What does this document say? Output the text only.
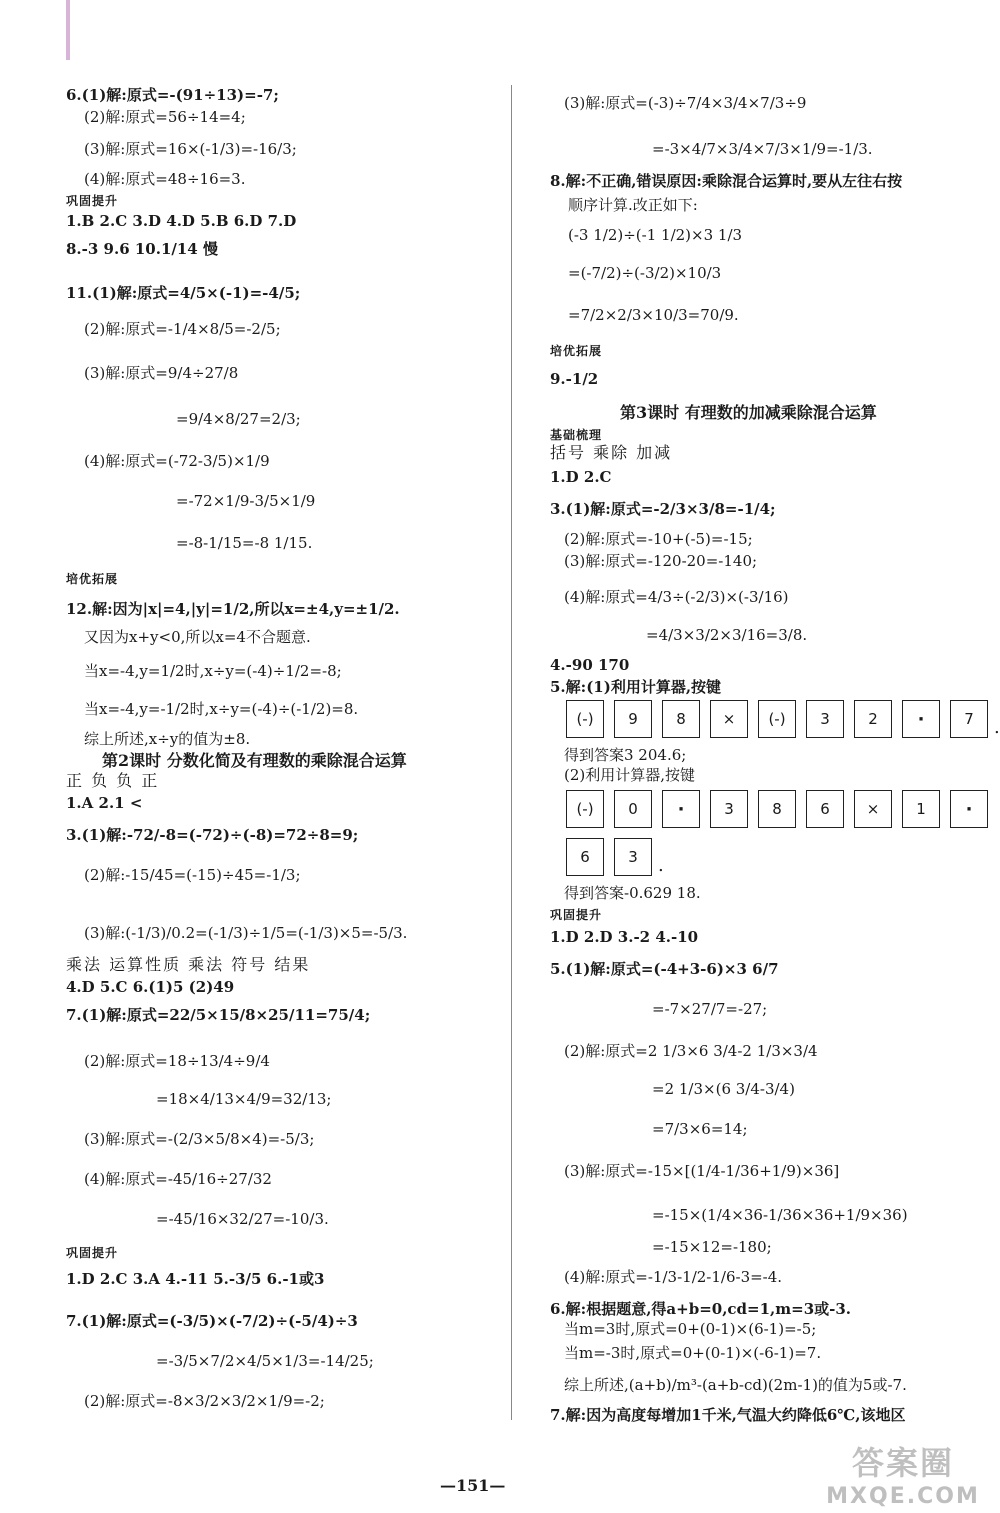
6.(1)解:原式=-(91÷13)=-7;
(2)解:原式=56÷14=4;
(3)解:原式=16×(-1/3)=-16/3;
(4)解:原式=48÷16=3.
巩固提升
1.B 2.C 3.D 4.D 5.B 6.D 7.D
8.-3 9.6 10.1/14 慢
11.(1)解:原式=4/5×(-1)=-4/5;
(2)解:原式=-1/4×8/5=-2/5;
(3)解:原式=9/4÷27/8
=9/4×8/27=2/3;
(4)解:原式=(-72-3/5)×1/9
=-72×1/9-3/5×1/9
=-8-1/15=-8 1/15.
培优拓展
12.解:因为|x|=4,|y|=1/2,所以x=±4,y=±1/2.
又因为x+y<0,所以x=4不合题意.
当x=-4,y=1/2时,x÷y=(-4)÷1/2=-8;
当x=-4,y=-1/2时,x÷y=(-4)÷(-1/2)=8.
综上所述,x÷y的值为±8.
第2课时 分数化简及有理数的乘除混合运算
正 负 负 正
1.A 2.1 <
3.(1)解:-72/-8=(-72)÷(-8)=72÷8=9;
(2)解:-15/45=(-15)÷45=-1/3;
(3)解:(-1/3)/0.2=(-1/3)÷1/5=(-1/3)×5=-5/3.
乘法 运算性质 乘法 符号 结果
4.D 5.C 6.(1)5 (2)49
7.(1)解:原式=22/5×15/8×25/11=75/4;
(2)解:原式=18÷13/4÷9/4
=18×4/13×4/9=32/13;
(3)解:原式=-(2/3×5/8×4)=-5/3;
(4)解:原式=-45/16÷27/32
=-45/16×32/27=-10/3.
巩固提升
1.D 2.C 3.A 4.-11 5.-3/5 6.-1或3
7.(1)解:原式=(-3/5)×(-7/2)÷(-5/4)÷3
=-3/5×7/2×4/5×1/3=-14/25;
(2)解:原式=-8×3/2×3/2×1/9=-2;
(3)解:原式=(-3)÷7/4×3/4×7/3÷9
=-3×4/7×3/4×7/3×1/9=-1/3.
8.解:不正确,错误原因:乘除混合运算时,要从左往右按
顺序计算.改正如下:
(-3 1/2)÷(-1 1/2)×3 1/3
=(-7/2)÷(-3/2)×10/3
=7/2×2/3×10/3=70/9.
培优拓展
9.-1/2
第3课时 有理数的加减乘除混合运算
基础梳理
括号 乘除 加减
1.D 2.C
3.(1)解:原式=-2/3×3/8=-1/4;
(2)解:原式=-10+(-5)=-15;
(3)解:原式=-120-20=-140;
(4)解:原式=4/3÷(-2/3)×(-3/16)
=4/3×3/2×3/16=3/8.
4.-90 170
5.解:(1)利用计算器,按键
(-)	9	8	×	(-)	3	2	·	7	.
得到答案3 204.6;
(2)利用计算器,按键
(-)	0	·	3	8	6	×	1	·
6	3	.
得到答案-0.629 18.
巩固提升
1.D 2.D 3.-2 4.-10
5.(1)解:原式=(-4+3-6)×3 6/7
=-7×27/7=-27;
(2)解:原式=2 1/3×6 3/4-2 1/3×3/4
=2 1/3×(6 3/4-3/4)
=7/3×6=14;
(3)解:原式=-15×[(1/4-1/36+1/9)×36]
=-15×(1/4×36-1/36×36+1/9×36)
=-15×12=-180;
(4)解:原式=-1/3-1/2-1/6-3=-4.
6.解:根据题意,得a+b=0,cd=1,m=3或-3.
当m=3时,原式=0+(0-1)×(6-1)=-5;
当m=-3时,原式=0+(0-1)×(-6-1)=7.
综上所述,(a+b)/m³-(a+b-cd)(2m-1)的值为5或-7.
7.解:因为高度每增加1千米,气温大约降低6℃,该地区
—151—
答案圈
MXQE.COM
